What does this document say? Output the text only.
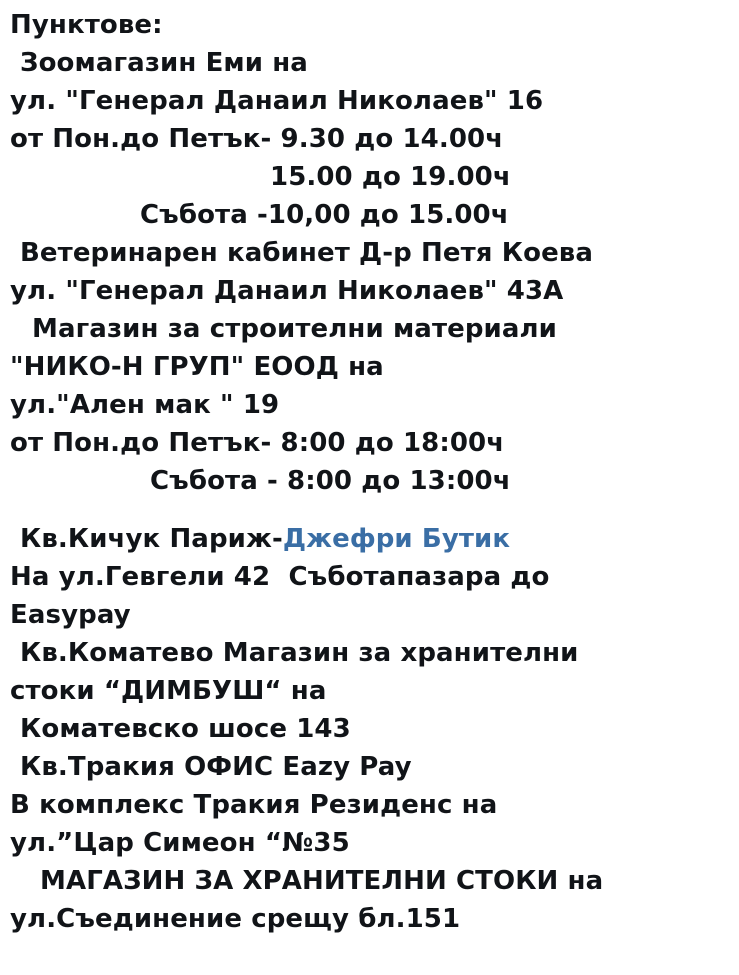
Пунктове:
Зоомагазин Еми на
ул. "Генерал Данаил Николаев" 16
от Пон.до Петък- 9.30 до 14.00ч
15.00 до 19.00ч
Събота -10,00 до 15.00ч
Ветеринарен кабинет Д-р Петя Коева
ул. "Генерал Данаил Николаев" 43А
Магазин за строителни материали
"НИКО-Н ГРУП" ЕООД на
ул."Ален мак " 19
от Пон.до Петък- 8:00 до 18:00ч
Събота - 8:00 до 13:00ч
Кв.Кичук Париж-Джефри Бутик
На ул.Гевгели 42  Съботапазара до
Easypay
Кв.Коматево Магазин за хранителни
стоки “ДИМБУШ“ на
Коматевско шосе 143
Кв.Тракия ОФИС Eazy Pay
В комплекс Тракия Резиденс на
ул.”Цар Симеон “№35
МАГАЗИН ЗА ХРАНИТЕЛНИ СТОКИ на
ул.Съединение срещу бл.151
